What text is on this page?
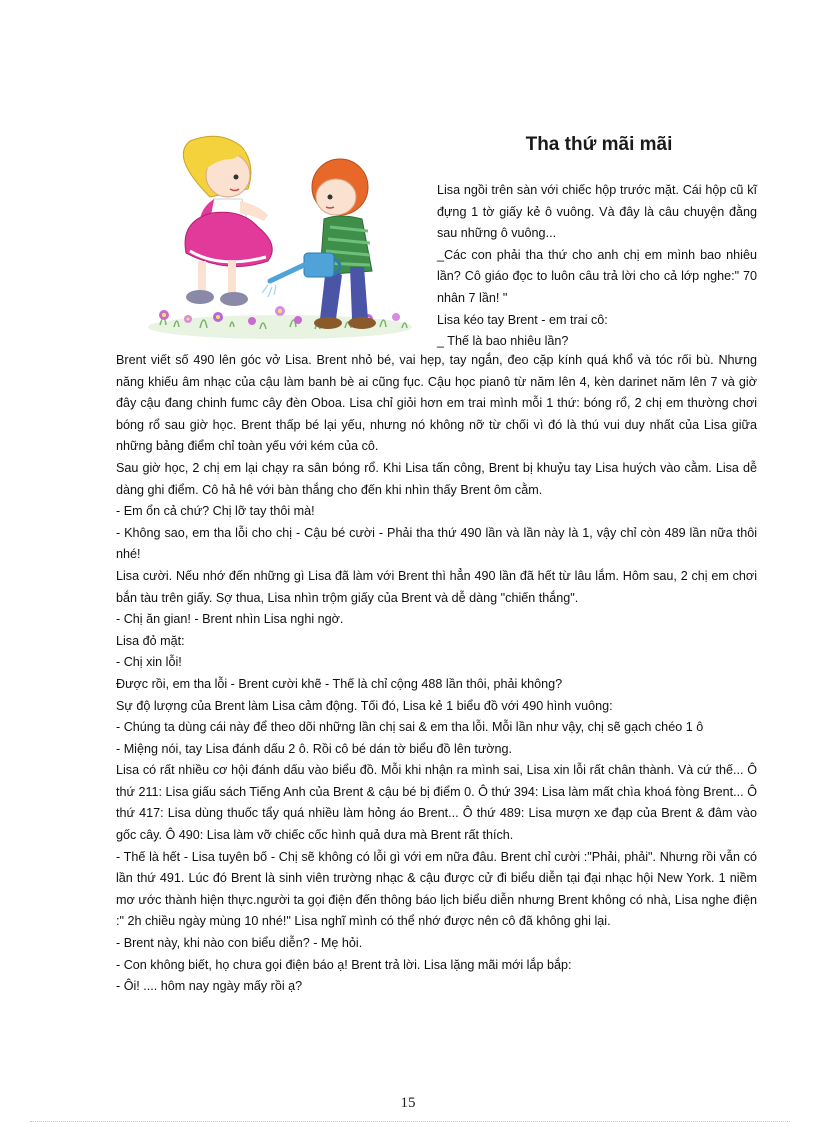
Tha thứ mãi mãi

Lisa ngồi trên sàn với chiếc hộp trước mặt. Cái hộp cũ kĩ đựng 1 tờ giấy kẻ ô vuông. Và đây là câu chuyện đằng sau những ô vuông...

_Các con phải tha thứ cho anh chị em mình bao nhiêu lần? Cô giáo đọc to luôn câu trả lời cho cả lớp nghe:" 70 nhân 7 lần! "

Lisa kéo tay Brent - em trai cô:

_ Thế là bao nhiêu lần?

Brent viết số 490 lên góc vở Lisa. Brent nhỏ bé, vai hẹp, tay ngắn, đeo cặp kính quá khổ và tóc rối bù. Nhưng năng khiếu âm nhạc của cậu làm banh bè ai cũng fục. Cậu học pianô từ năm lên 4, kèn darinet năm lên 7 và giờ đây cậu đang chinh fumc cây đèn Oboa. Lisa chỉ giỏi hơn em trai mình mỗi 1 thứ: bóng rổ, 2 chị em thường chơi bóng rổ sau giờ học. Brent thấp bé lại yếu, nhưng nó không nỡ từ chối vì đó là thú vui duy nhất của Lisa giữa những bảng điểm chỉ toàn yếu với kém của cô.

Sau giờ học, 2 chị em lại chạy ra sân bóng rổ. Khi Lisa tấn công, Brent bị khuỷu tay Lisa huých vào cằm. Lisa dễ dàng ghi điểm. Cô hả hê với bàn thắng cho đến khi nhìn thấy Brent ôm cằm.

- Em ổn cả chứ? Chị lỡ tay thôi mà!

- Không sao, em tha lỗi cho chị - Cậu bé cười - Phải tha thứ 490 lần và lần này là 1, vậy chỉ còn 489 lần nữa thôi nhé!

Lisa cười. Nếu nhớ đến những gì Lisa đã làm với Brent thì hẳn 490 lần đã hết từ lâu lắm. Hôm sau, 2 chị em chơi bắn tàu trên giấy. Sợ thua, Lisa nhìn trộm giấy của Brent và dễ dàng "chiến thắng".

- Chị ăn gian! - Brent nhìn Lisa nghi ngờ.

Lisa đỏ mặt:

- Chị xin lỗi!

Được rồi, em tha lỗi - Brent cười khẽ - Thế là chỉ cộng 488 lần thôi, phải không?

Sự độ lượng của Brent làm Lisa cảm động. Tối đó, Lisa kẻ 1 biểu đồ với 490 hình vuông:

- Chúng ta dùng cái này để theo dõi những lần chị sai & em tha lỗi. Mỗi lần như vậy, chị sẽ gạch chéo 1 ô

- Miệng nói, tay Lisa đánh dấu 2 ô. Rồi cô bé dán tờ biểu đồ lên tường.

Lisa có rất nhiều cơ hội đánh dấu vào biểu đồ. Mỗi khi nhận ra mình sai, Lisa xin lỗi rất chân thành. Và cứ thế... Ô thứ 211: Lisa giấu sách Tiếng Anh của Brent & cậu bé bị điểm 0. Ô thứ 394: Lisa làm mất chìa khoá fòng Brent... Ô thứ 417: Lisa dùng thuốc tẩy quá nhiều làm hỏng áo Brent... Ô thứ 489: Lisa mượn xe đạp của Brent & đâm vào gốc cây. Ô 490: Lisa làm vỡ chiếc cốc hình quả dưa mà Brent rất thích.

- Thế là hết - Lisa tuyên bố - Chị sẽ không có lỗi gì với em nữa đâu. Brent chỉ cười :"Phải, phải". Nhưng rồi vẫn có lần thứ 491. Lúc đó Brent là sinh viên trường nhạc & cậu được cử đi biểu diễn tại đại nhạc hội New York. 1 niềm mơ ước thành hiện thực.người ta gọi điện đến thông báo lịch biểu diễn nhưng Brent không có nhà, Lisa nghe điện :" 2h chiều ngày mùng 10 nhé!" Lisa nghĩ mình có thể nhớ được nên cô đã không ghi lại.

- Brent này, khi nào con biểu diễn? - Mẹ hỏi.

- Con không biết, họ chưa gọi điện báo ạ! Brent trả lời. Lisa lặng mãi mới lắp bắp:

- Ôi! .... hôm nay ngày mấy rồi ạ?

15
